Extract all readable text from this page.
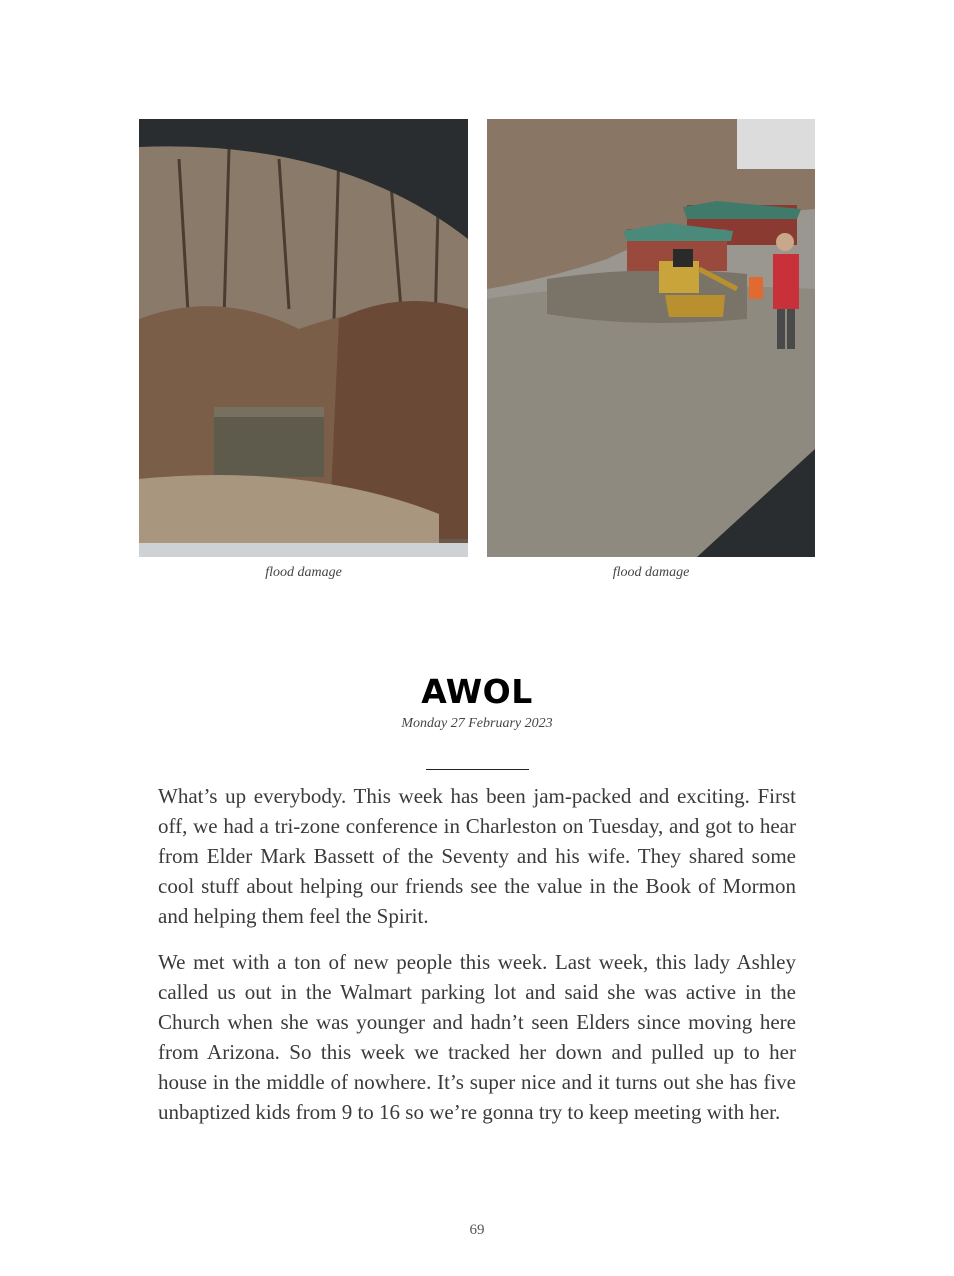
flood damage	flood damage
AWOL
Monday 27 February 2023

What’s up everybody. This week has been jam-packed and exciting. First off, we had a tri-zone conference in Charleston on Tuesday, and got to hear from Elder Mark Bassett of the Seventy and his wife. They shared some cool stuff about helping our friends see the value in the Book of Mormon and helping them feel the Spirit.

We met with a ton of new people this week. Last week, this lady Ashley called us out in the Walmart parking lot and said she was active in the Church when she was younger and hadn’t seen Elders since moving here from Arizona. So this week we tracked her down and pulled up to her house in the middle of nowhere. It’s super nice and it turns out she has five unbaptized kids from 9 to 16 so we’re gonna try to keep meeting with her.

69
